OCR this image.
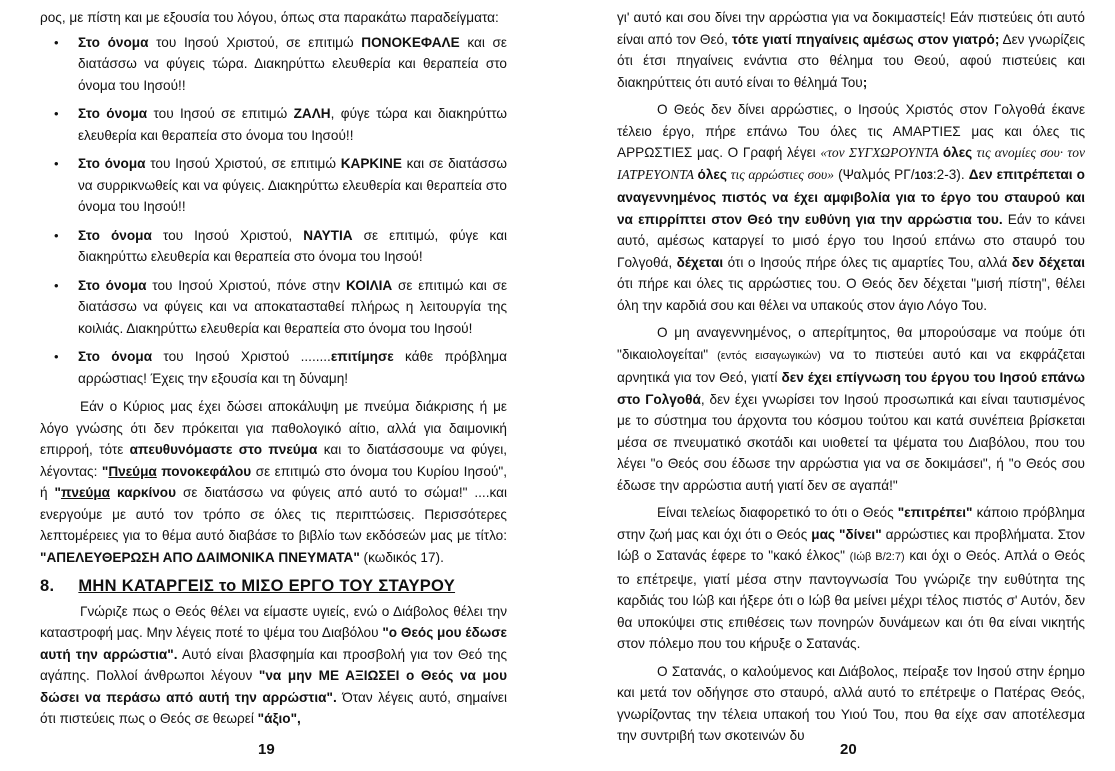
ρος, με πίστη και με εξουσία του λόγου, όπως στα παρακάτω παραδείγματα:

• Στο όνομα του Ιησού Χριστού, σε επιτιμώ ΠΟΝΟΚΕΦΑΛΕ και σε διατάσσω να φύγεις τώρα. Διακηρύττω ελευθερία και θεραπεία στο όνομα του Ιησού!!
• Στο όνομα του Ιησού σε επιτιμώ ΖΑΛΗ, φύγε τώρα και διακηρύττω ελευθερία και θεραπεία στο όνομα του Ιησού!!
• Στο όνομα του Ιησού Χριστού, σε επιτιμώ ΚΑΡΚΙΝΕ και σε διατάσσω να συρρικνωθείς και να φύγεις. Διακηρύττω ελευθερία και θεραπεία στο όνομα του Ιησού!!
• Στο όνομα του Ιησού Χριστού, ΝΑΥΤΙΑ σε επιτιμώ, φύγε και διακηρύττω ελευθερία και θεραπεία στο όνομα του Ιησού!
• Στο όνομα του Ιησού Χριστού, πόνε στην ΚΟΙΛΙΑ σε επιτιμώ και σε διατάσσω να φύγεις και να αποκατασταθεί πλήρως η λειτουργία της κοιλιάς. Διακηρύττω ελευθερία και θεραπεία στο όνομα του Ιησού!
• Στο όνομα του Ιησού Χριστού ........επιτίμησε κάθε πρόβλημα αρρώστιας! Έχεις την εξουσία και τη δύναμη!

Εάν ο Κύριος μας έχει δώσει αποκάλυψη με πνεύμα διάκρισης ή με λόγο γνώσης ότι δεν πρόκειται για παθολογικό αίτιο, αλλά για δαιμονική επιρροή, τότε απευθυνόμαστε στο πνεύμα και το διατάσσουμε να φύγει, λέγοντας: "Πνεύμα πονοκεφάλου σε επιτιμώ στο όνομα του Κυρίου Ιησού", ή "πνεύμα καρκίνου σε διατάσσω να φύγεις από αυτό το σώμα!" ....και ενεργούμε με αυτό τον τρόπο σε όλες τις περιπτώσεις. Περισσότερες λεπτομέρειες για το θέμα αυτό διαβάσε το βιβλίο των εκδόσεών μας με τίτλο: "ΑΠΕΛΕΥΘΕΡΩΣΗ ΑΠΟ ΔΑΙΜΟΝΙΚΑ ΠΝΕΥΜΑΤΑ" (κωδικός 17).

8. ΜΗΝ ΚΑΤΑΡΓΕΙΣ το ΜΙΣΟ ΕΡΓΟ ΤΟΥ ΣΤΑΥΡΟΥ

Γνώριζε πως ο Θεός θέλει να είμαστε υγιείς, ενώ ο Διάβολος θέλει την καταστροφή μας. Μην λέγεις ποτέ το ψέμα του Διαβόλου "ο Θεός μου έδωσε αυτή την αρρώστια". Αυτό είναι βλασφημία και προσβολή για τον Θεό της αγάπης. Πολλοί άνθρωποι λέγουν "να μην ΜΕ ΑΞΙΩΣΕΙ ο Θεός να μου δώσει να περάσω από αυτή την αρρώστια". Όταν λέγεις αυτό, σημαίνει ότι πιστεύεις πως ο Θεός σε θεωρεί "άξιο",

19

γι' αυτό και σου δίνει την αρρώστια για να δοκιμαστείς! Εάν πιστεύεις ότι αυτό είναι από τον Θεό, τότε γιατί πηγαίνεις αμέσως στον γιατρό; Δεν γνωρίζεις ότι έτσι πηγαίνεις ενάντια στο θέλημα του Θεού, αφού πιστεύεις και διακηρύττεις ότι αυτό είναι το θέλημά Του;

Ο Θεός δεν δίνει αρρώστιες, ο Ιησούς Χριστός στον Γολγοθά έκανε τέλειο έργο, πήρε επάνω Του όλες τις ΑΜΑΡΤΙΕΣ μας και όλες τις ΑΡΡΩΣΤΙΕΣ μας. Ο Γραφή λέγει «τον ΣΥΓΧΩΡΟΥΝΤΑ όλες τις ανομίες σου· τον ΙΑΤΡΕΥΟΝΤΑ όλες τις αρρώστιες σου» (Ψαλμός ΡΓ/103:2-3). Δεν επιτρέπεται ο αναγεννημένος πιστός να έχει αμφιβολία για το έργο του σταυρού και να επιρρίπτει στον Θεό την ευθύνη για την αρρώστια του. Εάν το κάνει αυτό, αμέσως καταργεί το μισό έργο του Ιησού επάνω στο σταυρό του Γολγοθά, δέχεται ότι ο Ιησούς πήρε όλες τις αμαρτίες Του, αλλά δεν δέχεται ότι πήρε και όλες τις αρρώστιες του. Ο Θεός δεν δέχεται "μισή πίστη", θέλει όλη την καρδιά σου και θέλει να υπακούς στον άγιο Λόγο Του.

Ο μη αναγεννημένος, ο απερίτμητος, θα μπορούσαμε να πούμε ότι "δικαιολογείται" (εντός εισαγωγικών) να το πιστεύει αυτό και να εκφράζεται αρνητικά για τον Θεό, γιατί δεν έχει επίγνωση του έργου του Ιησού επάνω στο Γολγοθά, δεν έχει γνωρίσει τον Ιησού προσωπικά και είναι ταυτισμένος με το σύστημα του άρχοντα του κόσμου τούτου και κατά συνέπεια βρίσκεται μέσα σε πνευματικό σκοτάδι και υιοθετεί τα ψέματα του Διαβόλου, που του λέγει "ο Θεός σου έδωσε την αρρώστια για να σε δοκιμάσει", ή "ο Θεός σου έδωσε την αρρώστια αυτή γιατί δεν σε αγαπά!"

Είναι τελείως διαφορετικό το ότι ο Θεός "επιτρέπει" κάποιο πρόβλημα στην ζωή μας και όχι ότι ο Θεός μας "δίνει" αρρώστιες και προβλήματα. Στον Ιώβ ο Σατανάς έφερε το "κακό έλκος" (Ιώβ Β/2:7) και όχι ο Θεός. Απλά ο Θεός το επέτρεψε, γιατί μέσα στην παντογνωσία Του γνώριζε την ευθύτητα της καρδιάς του Ιώβ και ήξερε ότι ο Ιώβ θα μείνει μέχρι τέλος πιστός σ' Αυτόν, δεν θα υποκύψει στις επιθέσεις των πονηρών δυνάμεων και ότι θα είναι νικητής στον πόλεμο που του κήρυξε ο Σατανάς.

Ο Σατανάς, ο καλούμενος και Διάβολος, πείραξε τον Ιησού στην έρημο και μετά τον οδήγησε στο σταυρό, αλλά αυτό το επέτρεψε ο Πατέρας Θεός, γνωρίζοντας την τέλεια υπακοή του Υιού Του, που θα είχε σαν αποτέλεσμα την συντριβή των σκοτεινών δυ

20
